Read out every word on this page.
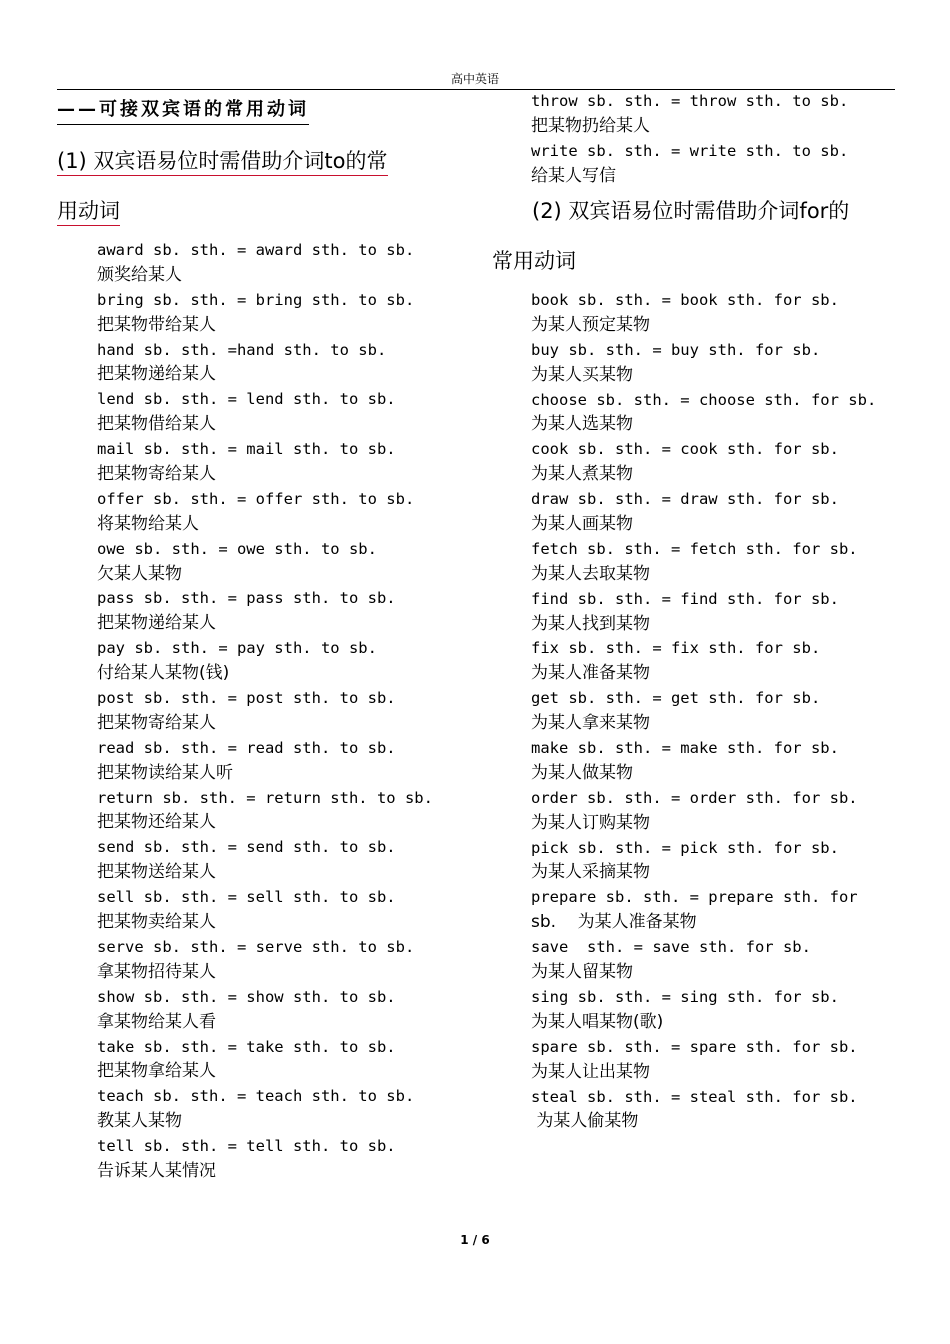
高中英语
——可接双宾语的常用动词
(1) 双宾语易位时需借助介词to的常
用动词
award sb. sth. = award sth. to sb.
颁奖给某人
bring sb. sth. = bring sth. to sb.
把某物带给某人
hand sb. sth. =hand sth. to sb.
把某物递给某人
lend sb. sth. = lend sth. to sb.
把某物借给某人
mail sb. sth. = mail sth. to sb.
把某物寄给某人
offer sb. sth. = offer sth. to sb.
将某物给某人
owe sb. sth. = owe sth. to sb.
欠某人某物
pass sb. sth. = pass sth. to sb.
把某物递给某人
pay sb. sth. = pay sth. to sb.
付给某人某物(钱)
post sb. sth. = post sth. to sb.
把某物寄给某人
read sb. sth. = read sth. to sb.
把某物读给某人听
return sb. sth. = return sth. to sb.
把某物还给某人
send sb. sth. = send sth. to sb.
把某物送给某人
sell sb. sth. = sell sth. to sb.
把某物卖给某人
serve sb. sth. = serve sth. to sb.
拿某物招待某人
show sb. sth. = show sth. to sb.
拿某物给某人看
take sb. sth. = take sth. to sb.
把某物拿给某人
teach sb. sth. = teach sth. to sb.
教某人某物
tell sb. sth. = tell sth. to sb.
告诉某人某情况
throw sb. sth. = throw sth. to sb.
把某物扔给某人
write sb. sth. = write sth. to sb.
给某人写信
(2) 双宾语易位时需借助介词for的
常用动词
book sb. sth. = book sth. for sb.
为某人预定某物
buy sb. sth. = buy sth. for sb.
为某人买某物
choose sb. sth. = choose sth. for sb.
为某人选某物
cook sb. sth. = cook sth. for sb.
为某人煮某物
draw sb. sth. = draw sth. for sb.
为某人画某物
fetch sb. sth. = fetch sth. for sb.
为某人去取某物
find sb. sth. = find sth. for sb.
为某人找到某物
fix sb. sth. = fix sth. for sb.
为某人准备某物
get sb. sth. = get sth. for sb.
为某人拿来某物
make sb. sth. = make sth. for sb.
为某人做某物
order sb. sth. = order sth. for sb.
为某人订购某物
pick sb. sth. = pick sth. for sb.
为某人采摘某物
prepare sb. sth. = prepare sth. for
sb.    为某人准备某物
save  sth. = save sth. for sb.
为某人留某物
sing sb. sth. = sing sth. for sb.
为某人唱某物(歌)
spare sb. sth. = spare sth. for sb.
为某人让出某物
steal sb. sth. = steal sth. for sb.
为某人偷某物
1 / 6
